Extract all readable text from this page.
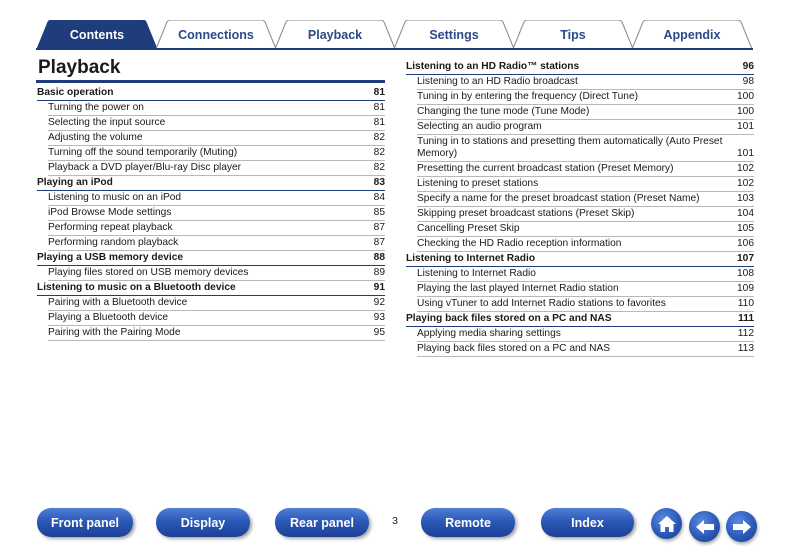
Contents	Connections	Playback	Settings	Tips	Appendix
Playback
Basic operation	81
Turning the power on	81
Selecting the input source	81
Adjusting the volume	82
Turning off the sound temporarily (Muting)	82
Playback a DVD player/Blu-ray Disc player	82
Playing an iPod	83
Listening to music on an iPod	84
iPod Browse Mode settings	85
Performing repeat playback	87
Performing random playback	87
Playing a USB memory device	88
Playing files stored on USB memory devices	89
Listening to music on a Bluetooth device	91
Pairing with a Bluetooth device	92
Playing a Bluetooth device	93
Pairing with the Pairing Mode	95
Listening to an HD Radio™ stations	96
Listening to an HD Radio broadcast	98
Tuning in by entering the frequency (Direct Tune)	100
Changing the tune mode (Tune Mode)	100
Selecting an audio program	101
Tuning in to stations and presetting them automatically (Auto Preset Memory)	101
Presetting the current broadcast station (Preset Memory)	102
Listening to preset stations	102
Specify a name for the preset broadcast station (Preset Name)	103
Skipping preset broadcast stations (Preset Skip)	104
Cancelling Preset Skip	105
Checking the HD Radio reception information	106
Listening to Internet Radio	107
Listening to Internet Radio	108
Playing the last played Internet Radio station	109
Using vTuner to add Internet Radio stations to favorites	110
Playing back files stored on a PC and NAS	111
Applying media sharing settings	112
Playing back files stored on a PC and NAS	113
Front panel	Display	Rear panel	3	Remote	Index
